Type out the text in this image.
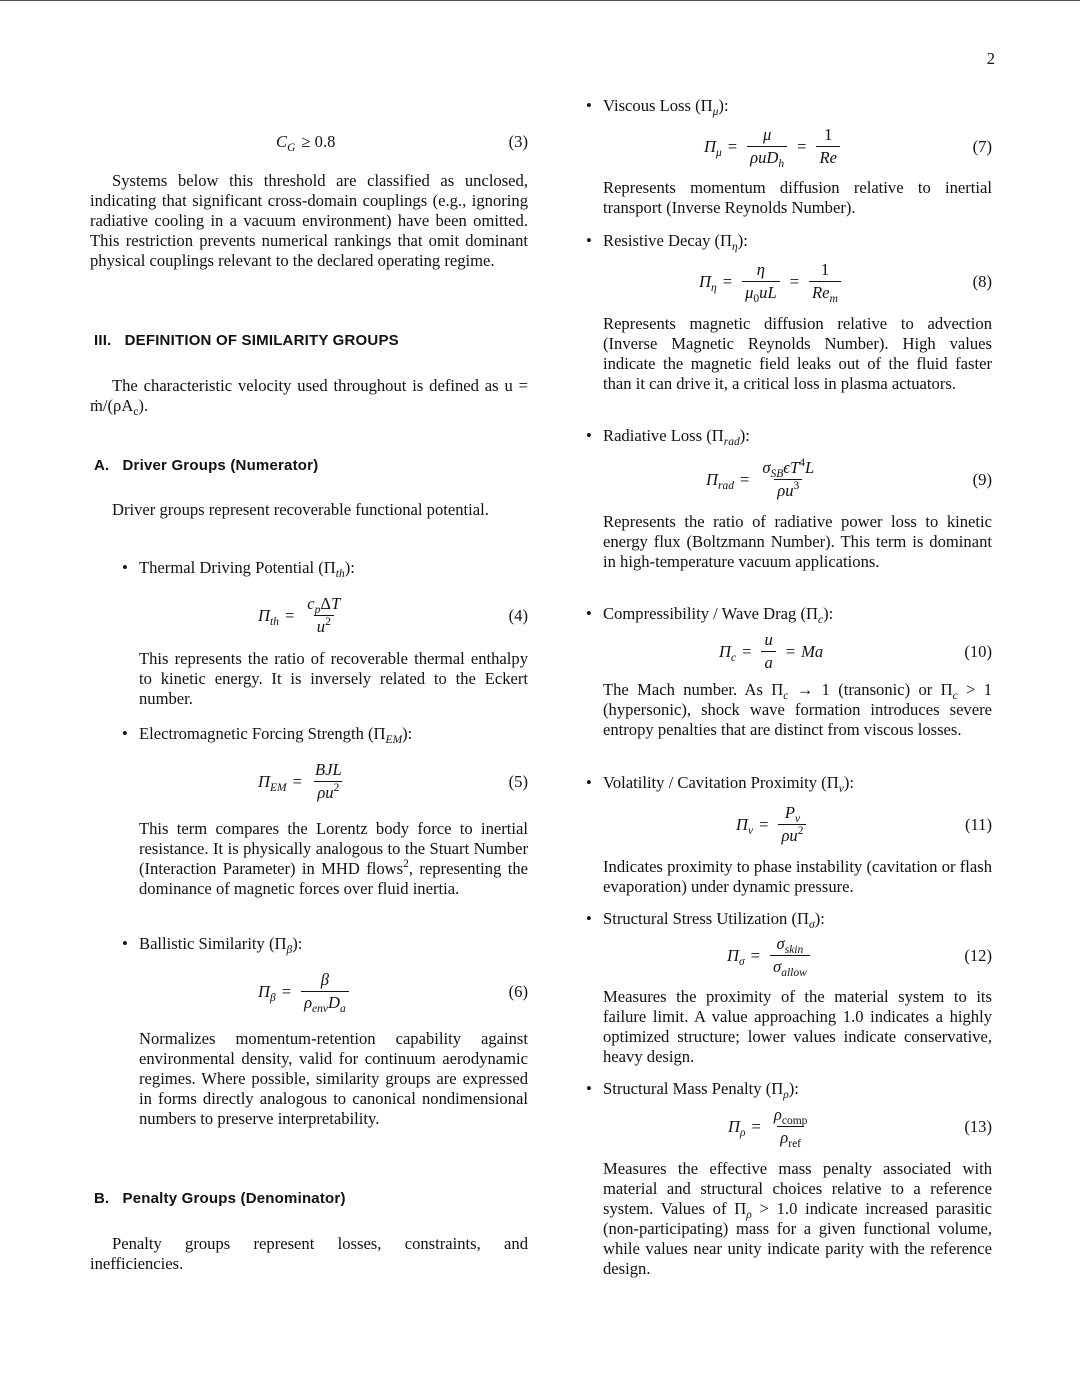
2
$C_G \ge 0.8$	(3)

Systems below this threshold are classified as unclosed, indicating that significant cross-domain couplings (e.g., ignoring radiative cooling in a vacuum environment) have been omitted. This restriction prevents numerical rankings that omit dominant physical couplings relevant to the declared operating regime.

III. DEFINITION OF SIMILARITY GROUPS

The characteristic velocity used throughout is defined as $u = ṁ/(\rho A_c)$.

A. Driver Groups (Numerator)

Driver groups represent recoverable functional potential.

• Thermal Driving Potential $(\Pi_{th})$:
$\Pi_{th} = \frac{c_p\Delta T}{u^2}$	(4)

This represents the ratio of recoverable thermal enthalpy to kinetic energy. It is inversely related to the Eckert number.

• Electromagnetic Forcing Strength $(\Pi_{EM})$:
$\Pi_{EM} = \frac{\text{BJL}}{\rho u^2}$	(5)

This term compares the Lorentz body force to inertial resistance. It is physically analogous to the Stuart Number (Interaction Parameter) in MHD flows$^2$, representing the dominance of magnetic forces over fluid inertia.

• Ballistic Similarity $(\Pi_\beta)$:
$\Pi_\beta = \frac{\beta}{\rho_{env}D_a}$	(6)

Normalizes momentum-retention capability against environmental density, valid for continuum aerodynamic regimes. Where possible, similarity groups are expressed in forms directly analogous to canonical nondimensional numbers to preserve interpretability.

B. Penalty Groups (Denominator)

Penalty groups represent losses, constraints, and inefficiencies.

• Viscous Loss $(\Pi_\mu)$:
$\Pi_\mu = \frac{\mu}{\rho uD_h} = \frac{1}{Re}$	(7)

Represents momentum diffusion relative to inertial transport (Inverse Reynolds Number).

• Resistive Decay $(\Pi_\eta)$:
$\Pi_\eta = \frac{\eta}{\mu_0uL} = \frac{1}{Re_m}$	(8)

Represents magnetic diffusion relative to advection (Inverse Magnetic Reynolds Number). High values indicate the magnetic field leaks out of the fluid faster than it can drive it, a critical loss in plasma actuators.

• Radiative Loss $(\Pi_{rad})$:
$\Pi_{rad} = \frac{\sigma_{SB}\epsilon T^4L}{\rho u^3}$	(9)

Represents the ratio of radiative power loss to kinetic energy flux (Boltzmann Number). This term is dominant in high-temperature vacuum applications.

• Compressibility / Wave Drag $(\Pi_c)$:
$\Pi_c = \frac{u}{a} = Ma$	(10)

The Mach number. As $\Pi_c \to 1$ (transonic) or $\Pi_c > 1$ (hypersonic), shock wave formation introduces severe entropy penalties that are distinct from viscous losses.

• Volatility / Cavitation Proximity $(\Pi_v)$:
$\Pi_v = \frac{P_v}{\rho u^2}$	(11)

Indicates proximity to phase instability (cavitation or flash evaporation) under dynamic pressure.

• Structural Stress Utilization $(\Pi_\sigma)$:
$\Pi_\sigma = \frac{\sigma_{skin}}{\sigma_{allow}}$	(12)

Measures the proximity of the material system to its failure limit. A value approaching 1.0 indicates a highly optimized structure; lower values indicate conservative, heavy design.

• Structural Mass Penalty $(\Pi_\rho)$:
$\Pi_\rho = \frac{\rho_{comp}}{\rho_{ref}}$	(13)

Measures the effective mass penalty associated with material and structural choices relative to a reference system. Values of $\Pi_\rho > 1.0$ indicate increased parasitic (non-participating) mass for a given functional volume, while values near unity indicate parity with the reference design.
